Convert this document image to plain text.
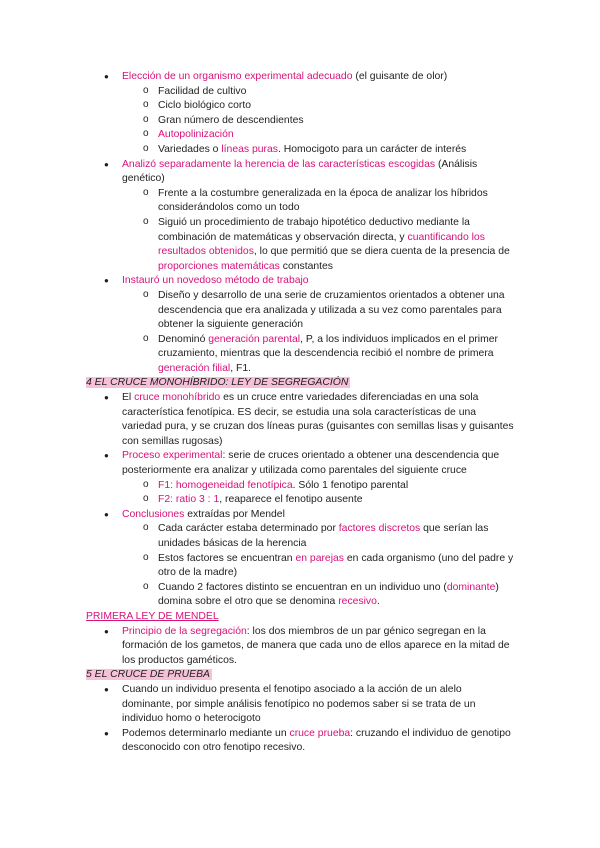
● Elección de un organismo experimental adecuado (el guisante de olor)

o Facilidad de cultivo

o Ciclo biológico corto

o Gran número de descendientes

o Autopolinización

o Variedades o líneas puras. Homocigoto para un carácter de interés

● Analizó separadamente la herencia de las características escogidas (Análisis genético)

o Frente a la costumbre generalizada en la época de analizar los híbridos considerándolos como un todo

o Siguió un procedimiento de trabajo hipotético deductivo mediante la combinación de matemáticas y observación directa, y cuantificando los resultados obtenidos, lo que permitió que se diera cuenta de la presencia de proporciones matemáticas constantes

● Instauró un novedoso método de trabajo

o Diseño y desarrollo de una serie de cruzamientos orientados a obtener una descendencia que era analizada y utilizada a su vez como parentales para obtener la siguiente generación

o Denominó generación parental, P, a los individuos implicados en el primer cruzamiento, mientras que la descendencia recibió el nombre de primera generación filial, F1.

4 EL CRUCE MONOHÍBRIDO: LEY DE SEGREGACIÓN

● El cruce monohíbrido es un cruce entre variedades diferenciadas en una sola característica fenotípica. ES decir, se estudia una sola características de una variedad pura, y se cruzan dos líneas puras (guisantes con semillas lisas y guisantes con semillas rugosas)

● Proceso experimental: serie de cruces orientado a obtener una descendencia que posteriormente era analizar y utilizada como parentales del siguiente cruce

o F1: homogeneidad fenotípica. Sólo 1 fenotipo parental

o F2: ratio 3 : 1, reaparece el fenotipo ausente

● Conclusiones extraídas por Mendel

o Cada carácter estaba determinado por factores discretos que serían las unidades básicas de la herencia

o Estos factores se encuentran en parejas en cada organismo (uno del padre y otro de la madre)

o Cuando 2 factores distinto se encuentran en un individuo uno (dominante) domina sobre el otro que se denomina recesivo.

PRIMERA LEY DE MENDEL

● Principio de la segregación: los dos miembros de un par génico segregan en la formación de los gametos, de manera que cada uno de ellos aparece en la mitad de los productos gaméticos.

5 EL CRUCE DE PRUEBA

● Cuando un individuo presenta el fenotipo asociado a la acción de un alelo dominante, por simple análisis fenotípico no podemos saber si se trata de un individuo homo o heterocigoto

● Podemos determinarlo mediante un cruce prueba: cruzando el individuo de genotipo desconocido con otro fenotipo recesivo.
